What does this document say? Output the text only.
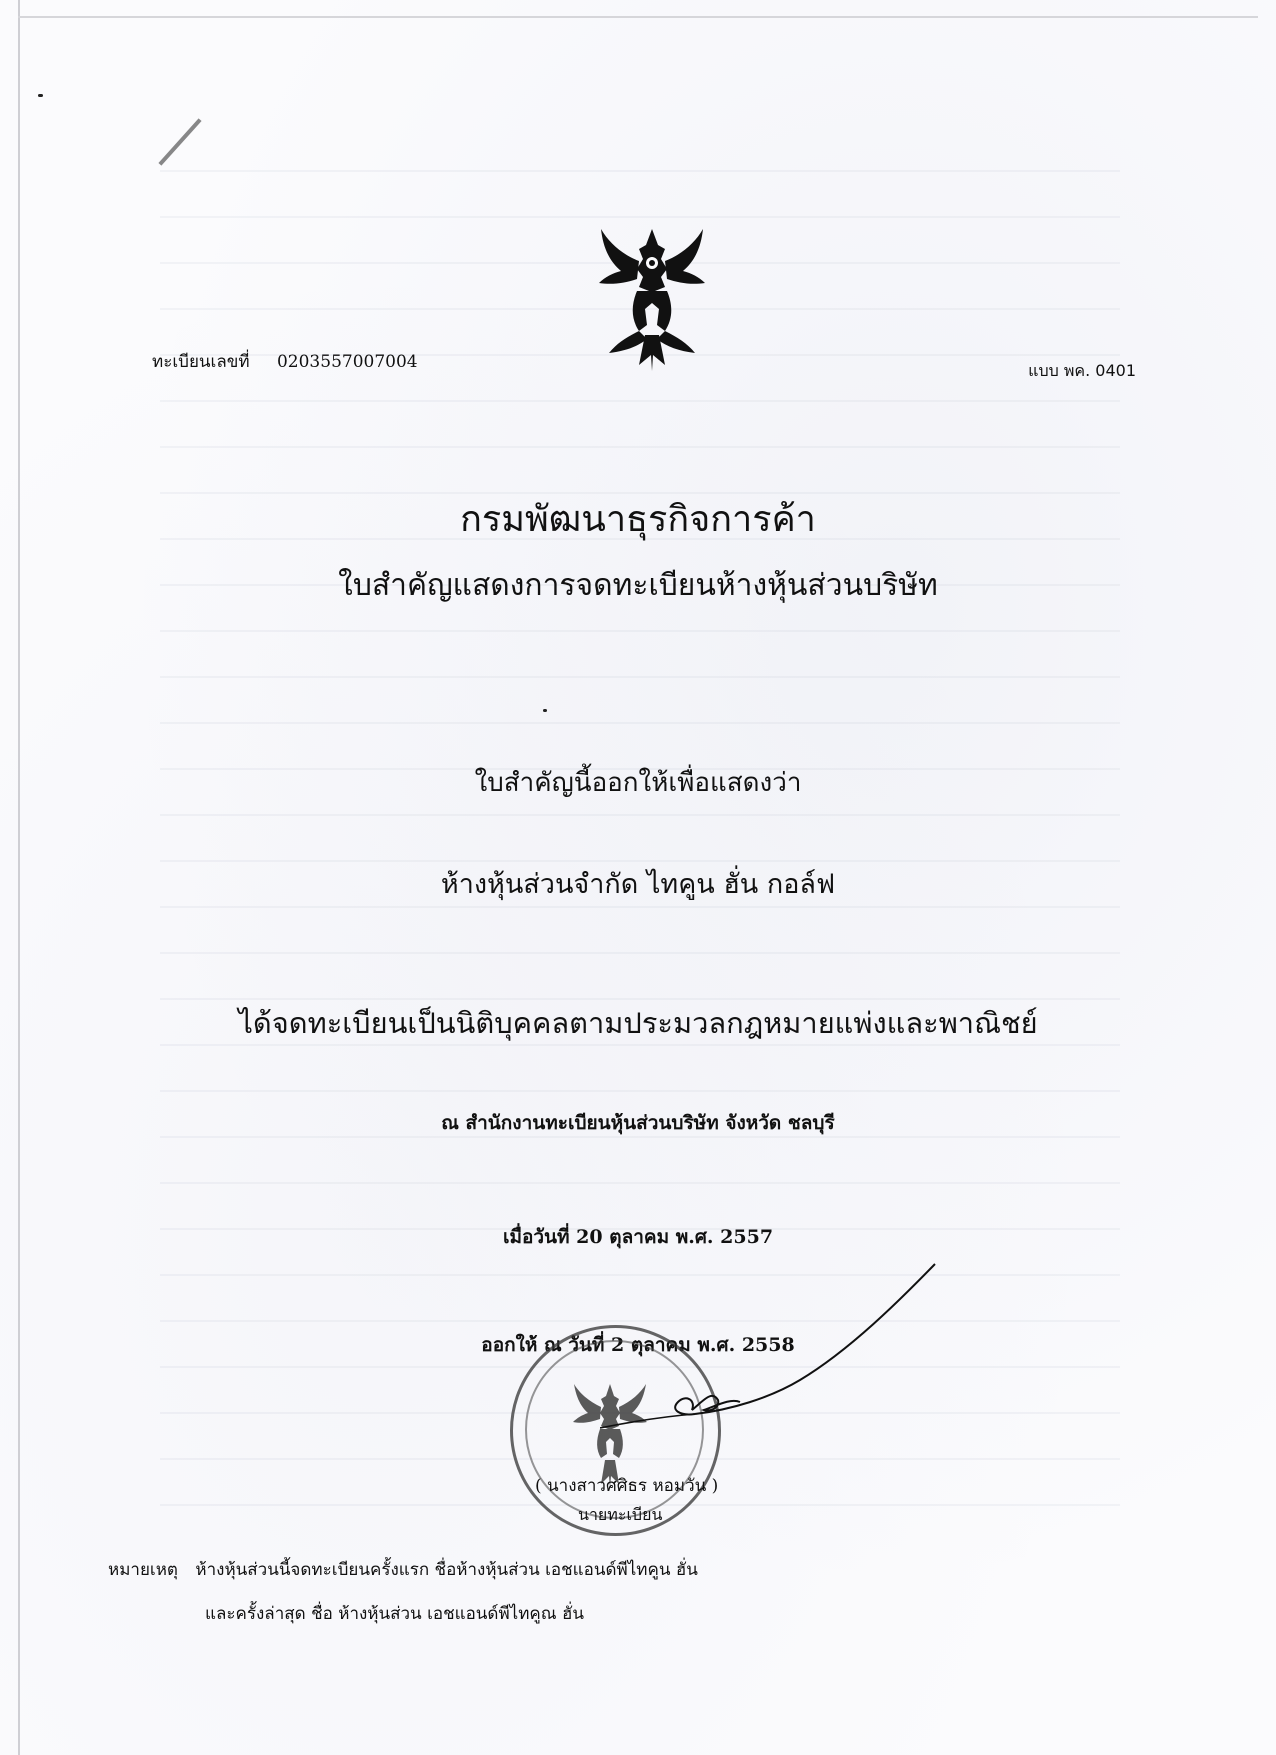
ทะเบียนเลขที่ 0203557007004	แบบ พค. 0401
กรมพัฒนาธุรกิจการค้า
ใบสำคัญแสดงการจดทะเบียนห้างหุ้นส่วนบริษัท
ใบสำคัญนี้ออกให้เพื่อแสดงว่า
ห้างหุ้นส่วนจำกัด ไทคูน ฮั่น กอล์ฟ
ได้จดทะเบียนเป็นนิติบุคคลตามประมวลกฎหมายแพ่งและพาณิชย์
ณ สำนักงานทะเบียนหุ้นส่วนบริษัท จังหวัด ชลบุรี
เมื่อวันที่ 20 ตุลาคม พ.ศ. 2557
ออกให้ ณ วันที่ 2 ตุลาคม พ.ศ. 2558
( นางสาวศศิธร หอมวัน )
นายทะเบียน
หมายเหตุ ห้างหุ้นส่วนนี้จดทะเบียนครั้งแรก ชื่อห้างหุ้นส่วน เอชแอนด์พีไทคูน ฮั่น
และครั้งล่าสุด ชื่อ ห้างหุ้นส่วน เอชแอนด์พีไทคูณ ฮั่น
